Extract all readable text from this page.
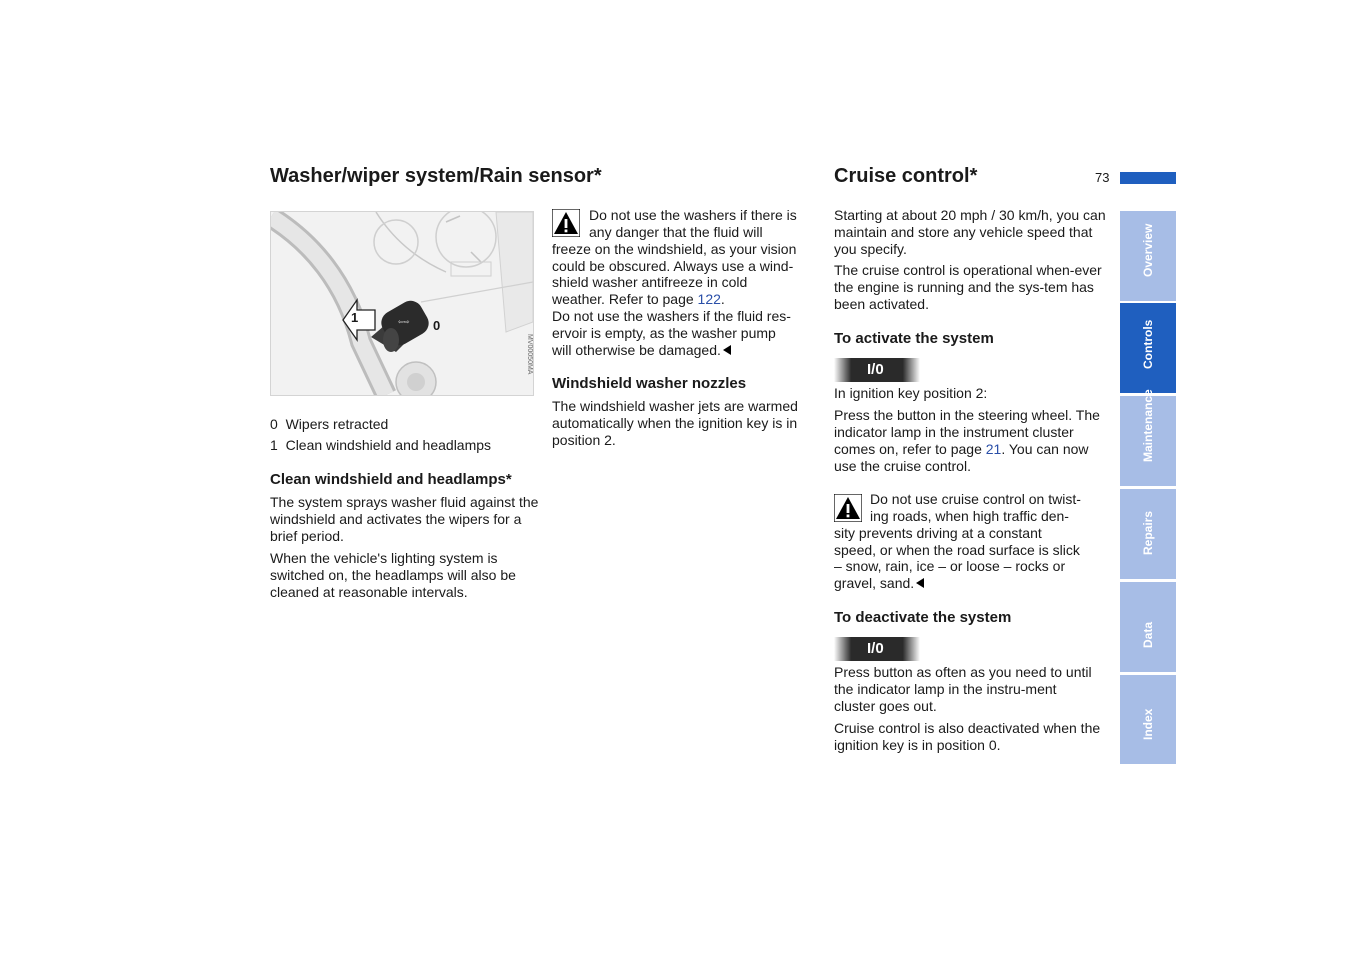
73
Overview
Controls
Maintenance
Repairs
Data
Index
Washer/wiper system/Rain sensor*
⇦⇨
1
0
MV00050MA
0 Wipers retracted
1 Clean windshield and headlamps
Clean windshield and headlamps*

The system sprays washer fluid against the windshield and activates the wipers for a brief period.

When the vehicle's lighting system is switched on, the headlamps will also be cleaned at reasonable intervals.

Do not use the washers if there is
any danger that the fluid will
freeze on the windshield, as your vision
could be obscured. Always use a wind-
shield washer antifreeze in cold
weather. Refer to page 122.
Do not use the washers if the fluid res-
ervoir is empty, as the washer pump
will otherwise be damaged.
Windshield washer nozzles

The windshield washer jets are warmed automatically when the ignition key is in position 2.

Cruise control*

Starting at about 20 mph / 30 km/h, you can maintain and store any vehicle speed that you specify.

The cruise control is operational when-ever the engine is running and the sys-tem has been activated.

To activate the system
I/0

In ignition key position 2:

Press the button in the steering wheel. The indicator lamp in the instrument cluster comes on, refer to page 21. You can now use the cruise control.

Do not use cruise control on twist-
ing roads, when high traffic den-
sity prevents driving at a constant
speed, or when the road surface is slick
– snow, rain, ice – or loose – rocks or
gravel, sand.
To deactivate the system
I/0

Press button as often as you need to until the indicator lamp in the instru-ment cluster goes out.

Cruise control is also deactivated when the ignition key is in position 0.
